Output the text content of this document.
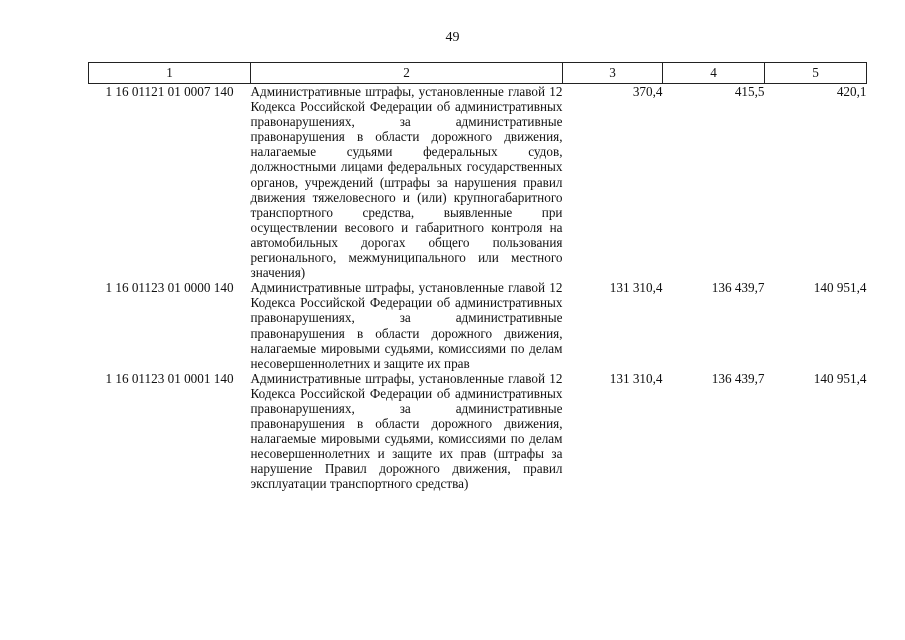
49
1	2	3	4	5
1 16 01121 01 0007 140	Административные штрафы, установленные главой 12 Кодекса Российской Федерации об административных правонарушениях, за административные правонарушения в области дорожного движения, налагаемые судьями федеральных судов, должностными лицами федеральных государственных органов, учреждений (штрафы за нарушения правил движения тяжеловесного и (или) крупногабаритного транспортного средства, выявленные при осуществлении весового и габаритного контроля на автомобильных дорогах общего пользования регионального, межмуниципального или местного значения)	370,4	415,5	420,1
1 16 01123 01 0000 140	Административные штрафы, установленные главой 12 Кодекса Российской Федерации об административных правонарушениях, за административные правонарушения в области дорожного движения, налагаемые мировыми судьями, комиссиями по делам несовершеннолетних и защите их прав	131 310,4	136 439,7	140 951,4
1 16 01123 01 0001 140	Административные штрафы, установленные главой 12 Кодекса Российской Федерации об административных правонарушениях, за административные правонарушения в области дорожного движения, налагаемые мировыми судьями, комиссиями по делам несовершеннолетних и защите их прав (штрафы за нарушение Правил дорожного движения, правил эксплуатации транспортного средства)	131 310,4	136 439,7	140 951,4
